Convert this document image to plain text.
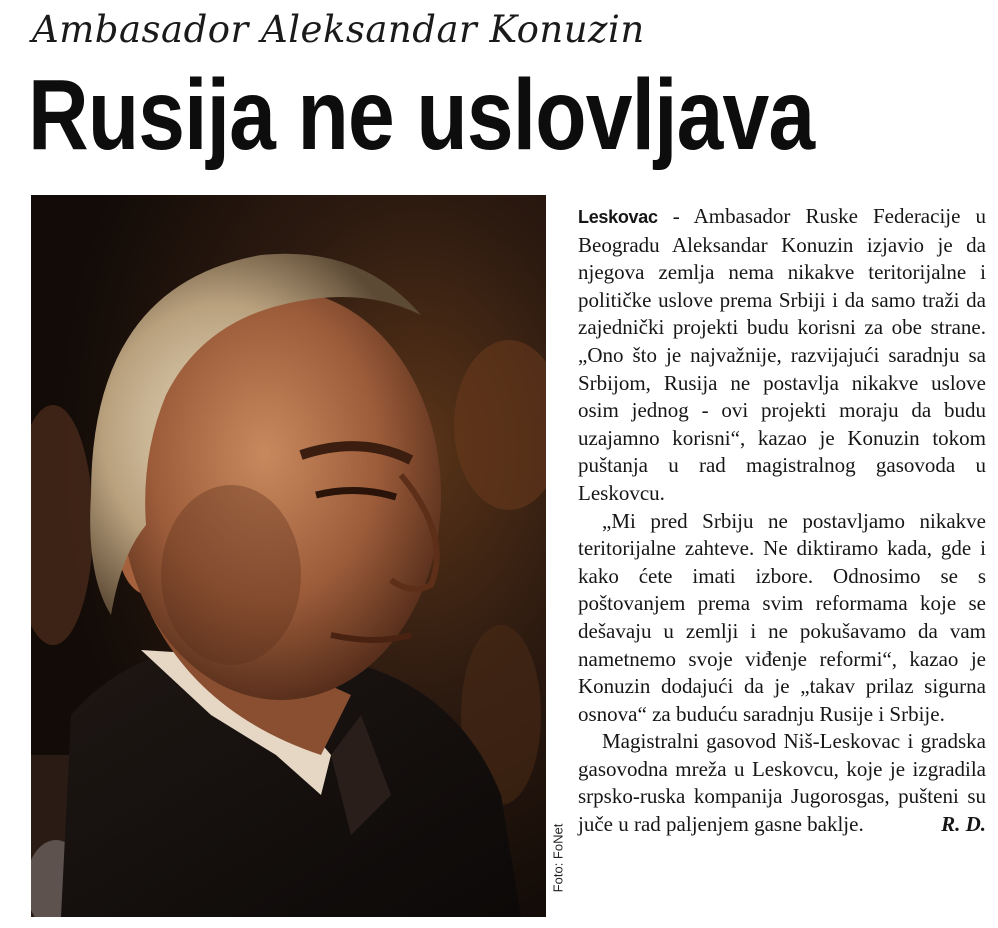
Ambasador Aleksandar Konuzin
Rusija ne uslovljava
Foto: FoNet

Leskovac - Ambasador Ruske Federacije u Beogradu Aleksandar Konuzin izjavio je da njegova zemlja nema nikakve teritorijalne i političke uslove prema Srbiji i da samo traži da zajednički projekti budu korisni za obe strane. „Ono što je najvažnije, razvijajući saradnju sa Srbijom, Rusija ne postavlja nikakve uslove osim jednog - ovi projekti moraju da budu uzajamno korisni“, kazao je Konuzin tokom puštanja u rad magistralnog gasovoda u Leskovcu.

„Mi pred Srbiju ne postavljamo nikakve teritorijalne zahteve. Ne diktiramo kada, gde i kako ćete imati izbore. Odnosimo se s poštovanjem prema svim reformama koje se dešavaju u zemlji i ne pokušavamo da vam nametnemo svoje viđenje reformi“, kazao je Konuzin dodajući da je „takav prilaz sigurna osnova“ za buduću saradnju Rusije i Srbije.

Magistralni gasovod Niš-Leskovac i gradska gasovodna mreža u Leskovcu, koje je izgradila srpsko-ruska kompanija Jugorosgas, pušteni su juče u rad paljenjem gasne baklje.	R. D.
